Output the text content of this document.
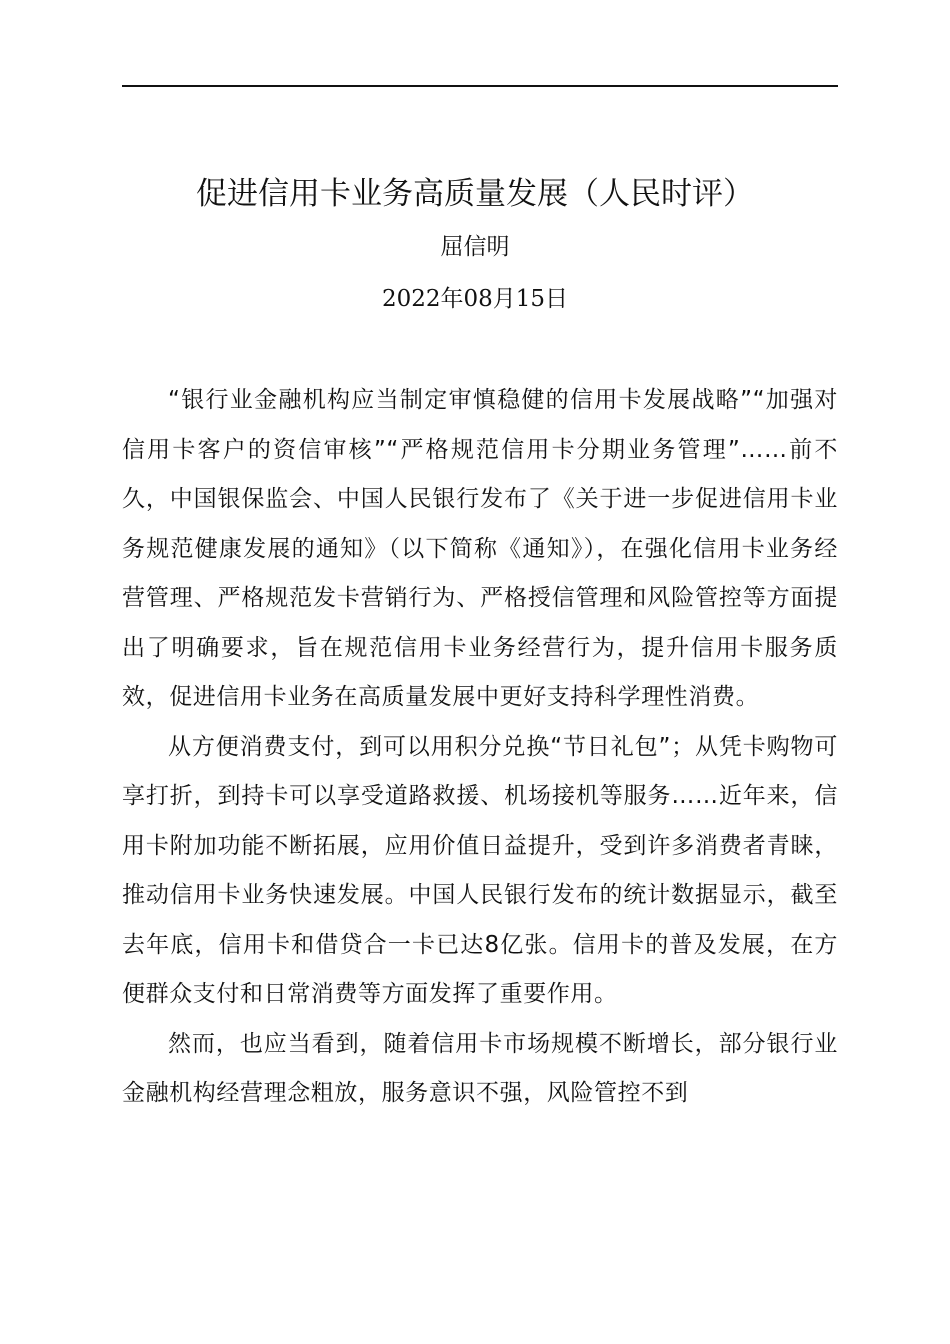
促进信用卡业务高质量发展（人民时评）
屈信明
2022年08月15日

“银行业金融机构应当制定审慎稳健的信用卡发展战略”“加强对信用卡客户的资信审核”“严格规范信用卡分期业务管理”……前不久，中国银保监会、中国人民银行发布了《关于进一步促进信用卡业务规范健康发展的通知》（以下简称《通知》），在强化信用卡业务经营管理、严格规范发卡营销行为、严格授信管理和风险管控等方面提出了明确要求，旨在规范信用卡业务经营行为，提升信用卡服务质效，促进信用卡业务在高质量发展中更好支持科学理性消费。

从方便消费支付，到可以用积分兑换“节日礼包”；从凭卡购物可享打折，到持卡可以享受道路救援、机场接机等服务……近年来，信用卡附加功能不断拓展，应用价值日益提升，受到许多消费者青睐，推动信用卡业务快速发展。中国人民银行发布的统计数据显示，截至去年底，信用卡和借贷合一卡已达8亿张。信用卡的普及发展，在方便群众支付和日常消费等方面发挥了重要作用。

然而，也应当看到，随着信用卡市场规模不断增长，部分银行业金融机构经营理念粗放，服务意识不强，风险管控不到
